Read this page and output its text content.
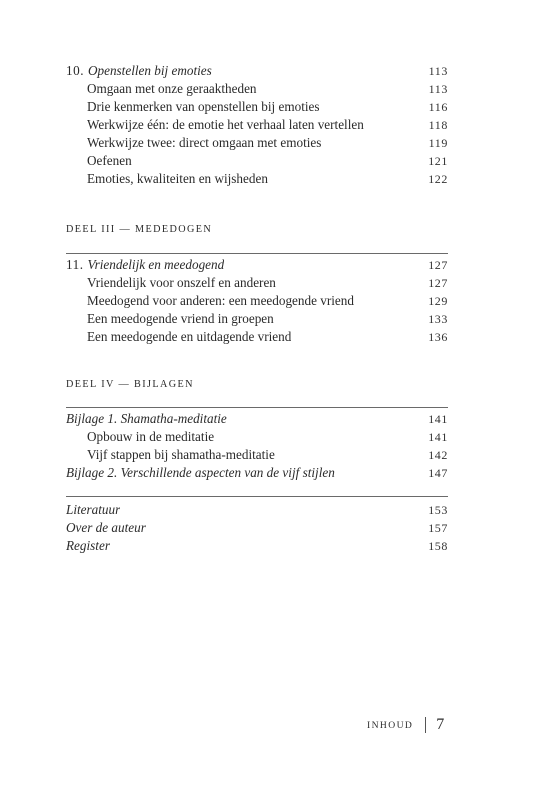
10. Openstellen bij emoties	113
Omgaan met onze geraaktheden	113
Drie kenmerken van openstellen bij emoties	116
Werkwijze één: de emotie het verhaal laten vertellen	118
Werkwijze twee: direct omgaan met emoties	119
Oefenen	121
Emoties, kwaliteiten en wijsheden	122
DEEL III — MEDEDOGEN
11. Vriendelijk en meedogend	127
Vriendelijk voor onszelf en anderen	127
Meedogend voor anderen: een meedogende vriend	129
Een meedogende vriend in groepen	133
Een meedogende en uitdagende vriend	136
DEEL IV — BIJLAGEN
Bijlage 1. Shamatha-meditatie	141
Opbouw in de meditatie	141
Vijf stappen bij shamatha-meditatie	142
Bijlage 2. Verschillende aspecten van de vijf stijlen	147
Literatuur	153
Over de auteur	157
Register	158
INHOUD 7
